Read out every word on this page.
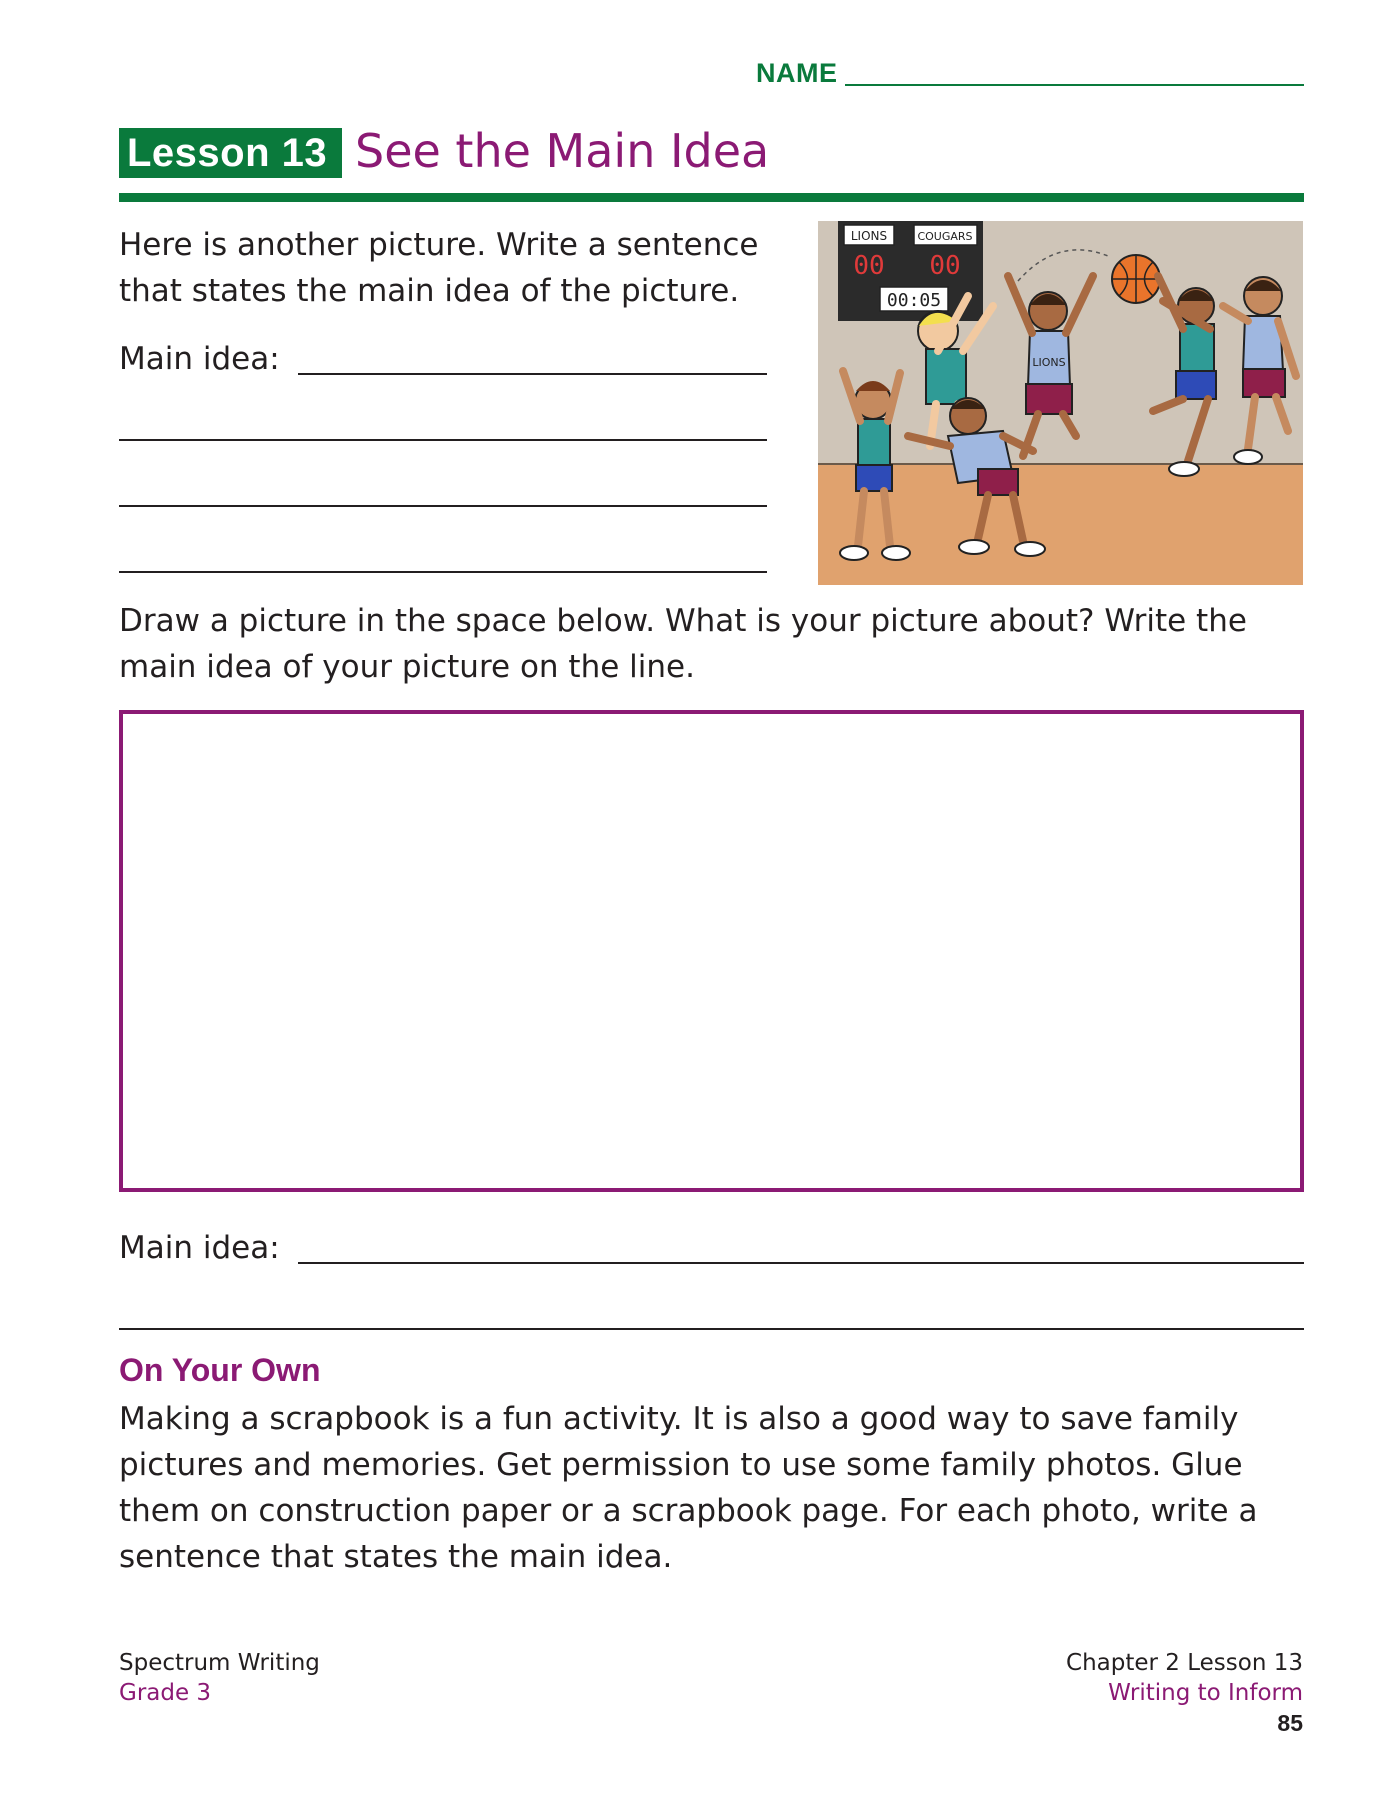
NAME
Lesson 13 See the Main Idea
Here is another picture. Write a sentence that states the main idea of the picture.
Main idea:
LIONS	COUGARS
00 00
00:05
LIONS
Draw a picture in the space below. What is your picture about? Write the main idea of your picture on the line.
Main idea:
On Your Own
Making a scrapbook is a fun activity. It is also a good way to save family pictures and memories. Get permission to use some family photos. Glue them on construction paper or a scrapbook page. For each photo, write a sentence that states the main idea.
Spectrum Writing
Grade 3
Chapter 2 Lesson 13
Writing to Inform
85
